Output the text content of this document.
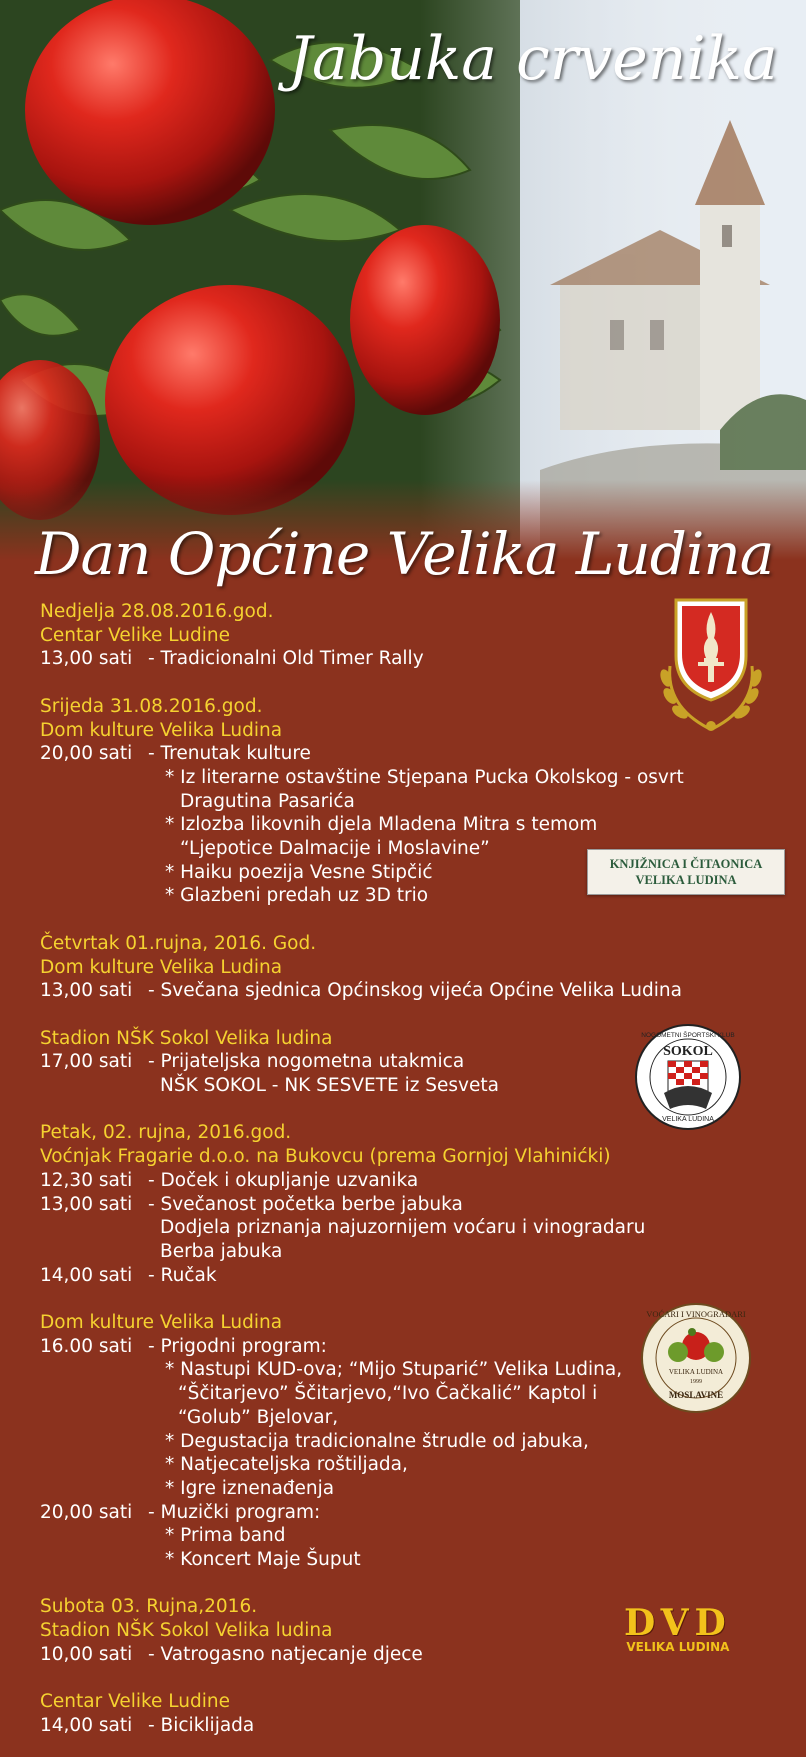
Jabuka crvenika
Dan Općine Velika Ludina
Nedjelja 28.08.2016.god.
Centar Velike Ludine
13,00 sati - Tradicionalni Old Timer Rally
Srijeda 31.08.2016.god.
Dom kulture Velika Ludina
20,00 sati - Trenutak kulture
* Iz literarne ostavštine Stjepana Pucka Okolskog - osvrt
Dragutina Pasarića
* Izlozba likovnih djela Mladena Mitra s temom
“Ljepotice Dalmacije i Moslavine”
* Haiku poezija Vesne Stipčić
* Glazbeni predah uz 3D trio
Četvrtak 01.rujna, 2016. God.
Dom kulture Velika Ludina
13,00 sati - Svečana sjednica Općinskog vijeća Općine Velika Ludina
Stadion NŠK Sokol Velika ludina
17,00 sati - Prijateljska nogometna utakmica
NŠK SOKOL - NK SESVETE iz Sesveta
Petak, 02. rujna, 2016.god.
Voćnjak Fragarie d.o.o. na Bukovcu (prema Gornjoj Vlahinićki)
12,30 sati - Doček i okupljanje uzvanika
13,00 sati - Svečanost početka berbe jabuka
Dodjela priznanja najuzornijem voćaru i vinogradaru
Berba jabuka
14,00 sati - Ručak
Dom kulture Velika Ludina
16.00 sati - Prigodni program:
* Nastupi KUD-ova; “Mijo Stuparić” Velika Ludina,
“Ščitarjevo” Ščitarjevo,“Ivo Čačkalić” Kaptol i
“Golub” Bjelovar,
* Degustacija tradicionalne štrudle od jabuka,
* Natjecateljska roštiljada,
* Igre iznenađenja
20,00 sati - Muzički program:
* Prima band
* Koncert Maje Šuput
Subota 03. Rujna,2016.
Stadion NŠK Sokol Velika ludina
10,00 sati - Vatrogasno natjecanje djece
Centar Velike Ludine
14,00 sati - Biciklijada
KNJIŽNICA I ČITAONICA
VELIKA LUDINA
SOKOL
NOGOMETNI ŠPORTSKI KLUB
VELIKA LUDINA
VOĆARI I VINOGRADARI
VELIKA LUDINA
1999
MOSLAVINE
DVD
VELIKA LUDINA
